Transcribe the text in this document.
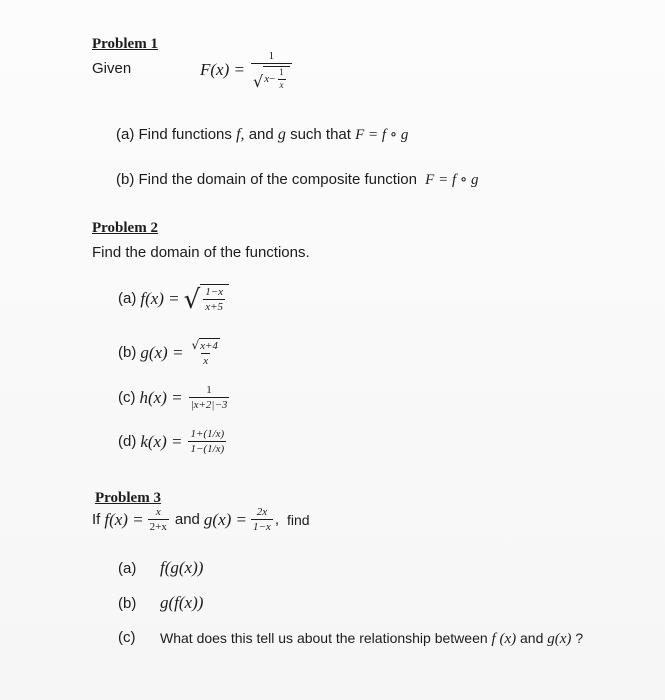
Problem 1
Given	F(x) =
1
√ $x - \frac{1}{x}$
(a) Find functions f, and g such that F = f ∘ g
(b) Find the domain of the composite function F = f ∘ g
Problem 2
Find the domain of the functions.
(a) f(x) = √ $\frac{1-x}{x+5}$
(b) $g(x) = \frac{√ x+4}{x}$
(c) $h(x) = \frac{1}{|x+2|-3}$
(d) $k(x) = \frac{1+(1/x)}{1-(1/x)}$
Problem 3
If $f(x) = \frac{x}{2+x}$ and $g(x) = \frac{2x}{1-x}$ , find
(a) f(g(x))
(b) g(f(x))
(c) What does this tell us about the relationship between f (x) and g(x) ?
